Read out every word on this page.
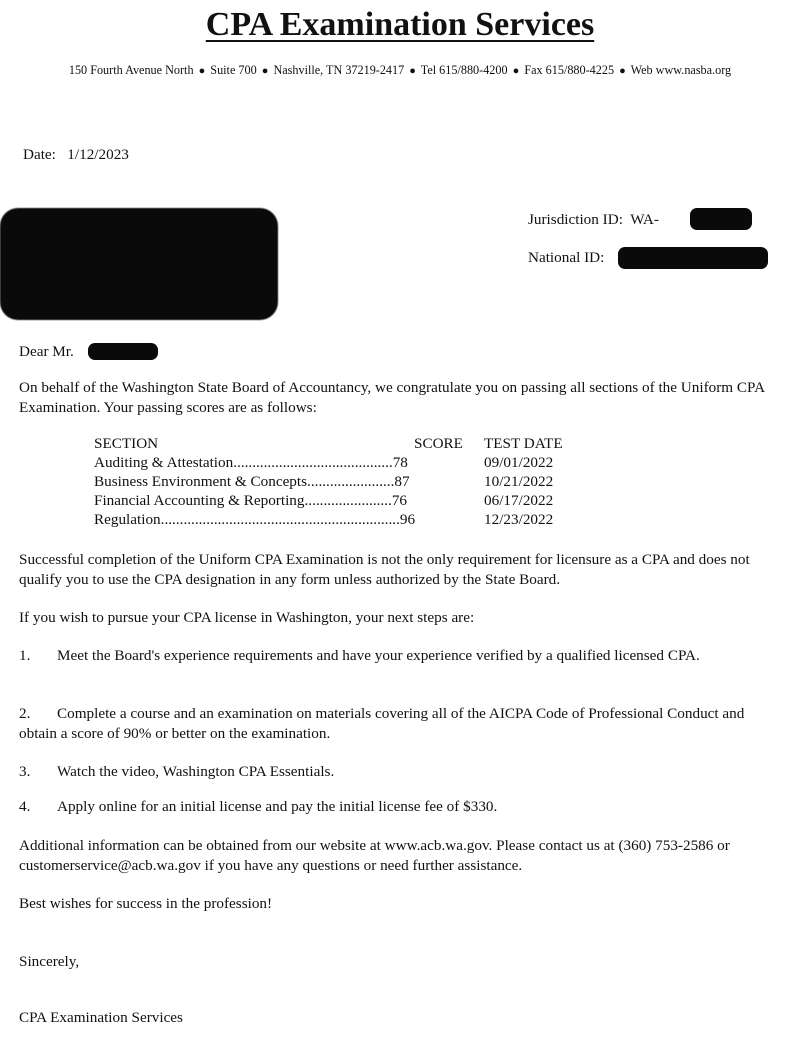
CPA Examination Services
150 Fourth Avenue North ● Suite 700 ● Nashville, TN 37219-2417 ● Tel 615/880-4200 ● Fax 615/880-4225 ● Web www.nasba.org
Date: 1/12/2023
Jurisdiction ID: WA-
National ID:
Dear Mr.
On behalf of the Washington State Board of Accountancy, we congratulate you on passing all sections of the Uniform CPA Examination. Your passing scores are as follows:
SECTION	SCORE	TEST DATE
Auditing & Attestation..........................................78		09/01/2022
Business Environment & Concepts.......................87		10/21/2022
Financial Accounting & Reporting.......................76		06/17/2022
Regulation...............................................................96		12/23/2022
Successful completion of the Uniform CPA Examination is not the only requirement for licensure as a CPA and does not qualify you to use the CPA designation in any form unless authorized by the State Board.
If you wish to pursue your CPA license in Washington, your next steps are:
1. Meet the Board's experience requirements and have your experience verified by a qualified licensed CPA.
2. Complete a course and an examination on materials covering all of the AICPA Code of Professional Conduct and obtain a score of 90% or better on the examination.
3. Watch the video, Washington CPA Essentials.
4. Apply online for an initial license and pay the initial license fee of $330.
Additional information can be obtained from our website at www.acb.wa.gov. Please contact us at (360) 753-2586 or customerservice@acb.wa.gov if you have any questions or need further assistance.
Best wishes for success in the profession!
Sincerely,
CPA Examination Services
